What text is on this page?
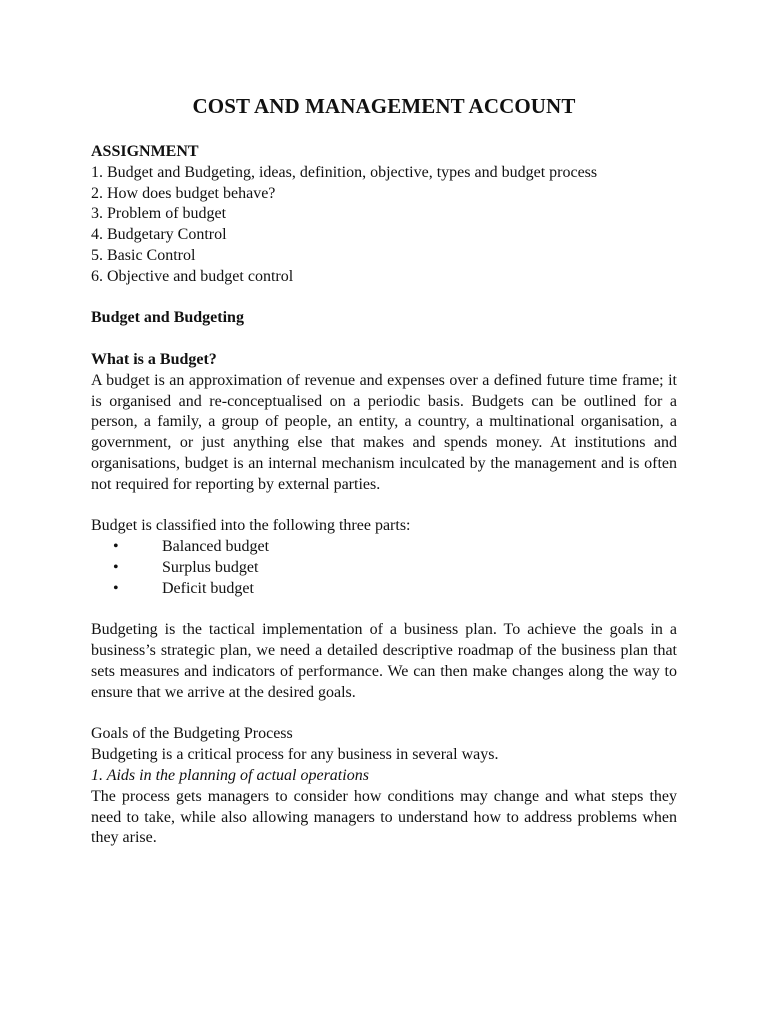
COST AND MANAGEMENT ACCOUNT

ASSIGNMENT

1. Budget and Budgeting, ideas, definition, objective, types and budget process

2. How does budget behave?

3. Problem of budget

4. Budgetary Control

5. Basic Control

6. Objective and budget control

Budget and Budgeting

What is a Budget?

A budget is an approximation of revenue and expenses over a defined future time frame; it is organised and re-conceptualised on a periodic basis. Budgets can be outlined for a person, a family, a group of people, an entity, a country, a multinational organisation, a government, or just anything else that makes and spends money. At institutions and organisations, budget is an internal mechanism inculcated by the management and is often not required for reporting by external parties.

Budget is classified into the following three parts:

•	Balanced budget
•	Surplus budget
•	Deficit budget

Budgeting is the tactical implementation of a business plan. To achieve the goals in a business’s strategic plan, we need a detailed descriptive roadmap of the business plan that sets measures and indicators of performance. We can then make changes along the way to ensure that we arrive at the desired goals.

Goals of the Budgeting Process

Budgeting is a critical process for any business in several ways.

1. Aids in the planning of actual operations

The process gets managers to consider how conditions may change and what steps they need to take, while also allowing managers to understand how to address problems when they arise.
